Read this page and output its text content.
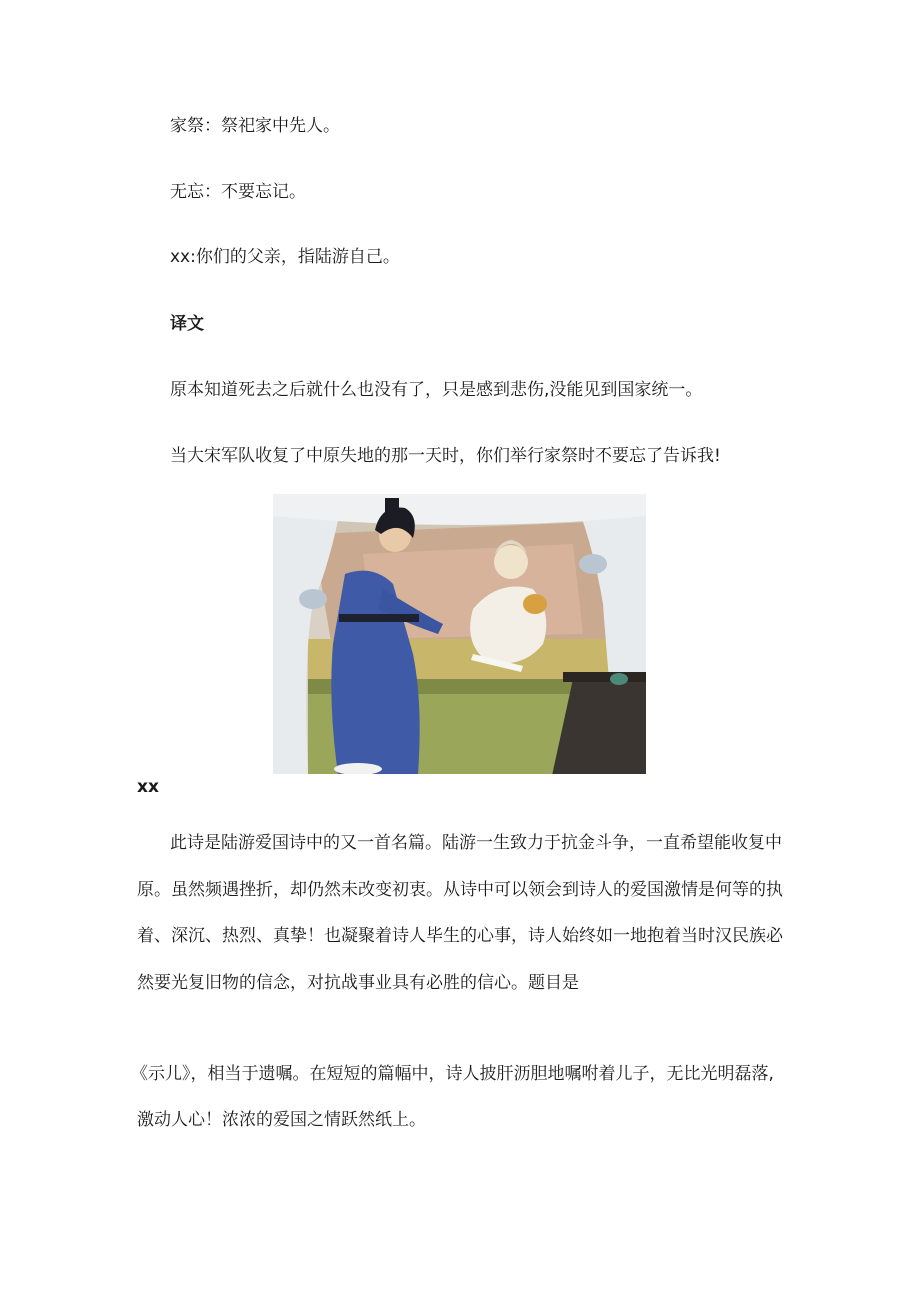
家祭：祭祀家中先人。

无忘：不要忘记。

xx:你们的父亲，指陆游自己。

译文

原本知道死去之后就什么也没有了，只是感到悲伤,没能见到国家统一。

当大宋军队收复了中原失地的那一天时，你们举行家祭时不要忘了告诉我!

xx

此诗是陆游爱国诗中的又一首名篇。陆游一生致力于抗金斗争，一直希望能收复中

原。虽然频遇挫折，却仍然未改变初衷。从诗中可以领会到诗人的爱国激情是何等的执

着、深沉、热烈、真挚！也凝聚着诗人毕生的心事，诗人始终如一地抱着当时汉民族必

然要光复旧物的信念，对抗战事业具有必胜的信心。题目是

《示儿》，相当于遗嘱。在短短的篇幅中，诗人披肝沥胆地嘱咐着儿子，无比光明磊落,

激动人心！浓浓的爱国之情跃然纸上。
